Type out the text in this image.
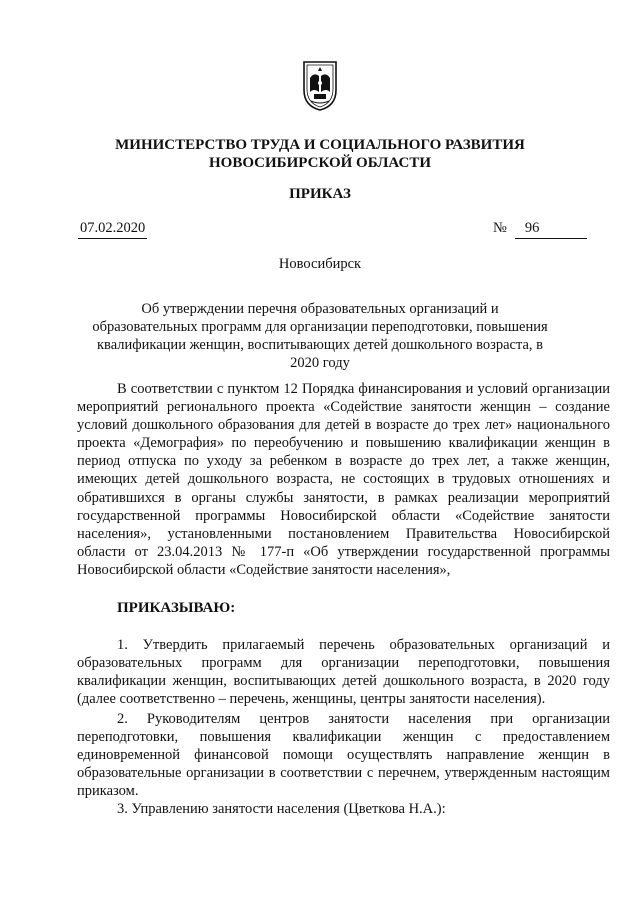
МИНИСТЕРСТВО ТРУДА И СОЦИАЛЬНОГО РАЗВИТИЯ
НОВОСИБИРСКОЙ ОБЛАСТИ
ПРИКАЗ
07.02.2020	№ 96
Новосибирск
Об утверждении перечня образовательных организаций и образовательных программ для организации переподготовки, повышения квалификации женщин, воспитывающих детей дошкольного возраста, в 2020 году

В соответствии с пунктом 12 Порядка финансирования и условий организации мероприятий регионального проекта «Содействие занятости женщин – создание условий дошкольного образования для детей в возрасте до трех лет» национального проекта «Демография» по переобучению и повышению квалификации женщин в период отпуска по уходу за ребенком в возрасте до трех лет, а также женщин, имеющих детей дошкольного возраста, не состоящих в трудовых отношениях и обратившихся в органы службы занятости, в рамках реализации мероприятий государственной программы Новосибирской области «Содействие занятости населения», установленными постановлением Правительства Новосибирской области от 23.04.2013 № 177-п «Об утверждении государственной программы Новосибирской области «Содействие занятости населения»,

ПРИКАЗЫВАЮ:

1. Утвердить прилагаемый перечень образовательных организаций и образовательных программ для организации переподготовки, повышения квалификации женщин, воспитывающих детей дошкольного возраста, в 2020 году (далее соответственно – перечень, женщины, центры занятости населения).

2. Руководителям центров занятости населения при организации переподготовки, повышения квалификации женщин с предоставлением единовременной финансовой помощи осуществлять направление женщин в образовательные организации в соответствии с перечнем, утвержденным настоящим приказом.

3. Управлению занятости населения (Цветкова Н.А.):
